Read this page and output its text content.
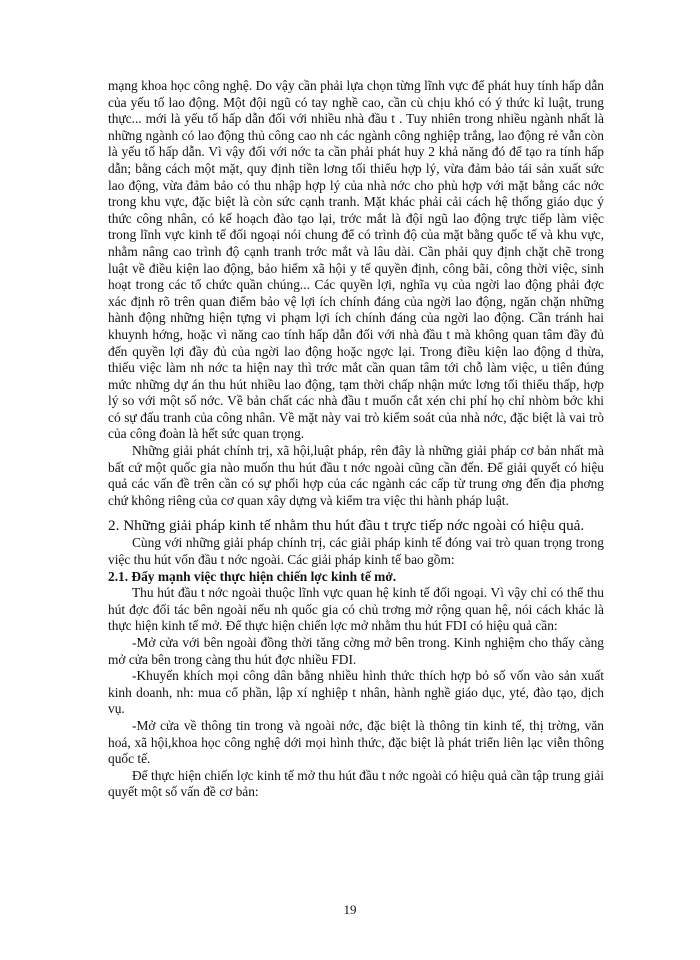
mạng khoa học công nghệ. Do vậy cần phải lựa chọn từng lĩnh vực để phát huy tính hấp dẫn của yếu tố lao động. Một đội ngũ có tay nghề cao, cần cù chịu khó có ý thức kỉ luật, trung thực... mới là yếu tố hấp dẫn đối với nhiều nhà đầu t . Tuy nhiên trong nhiều ngành nhất là những ngành có lao động thủ công cao nh các ngành công nghiệp trắng, lao động rẻ vẫn còn là yếu tố hấp dẫn. Vì vậy đối với nớc ta cần phải phát huy 2 khả năng đó để tạo ra tính hấp dẫn; bằng cách một mặt, quy định tiền lơng tối thiểu hợp lý, vừa đảm bảo tái sản xuất sức lao động, vừa đảm bảo có thu nhập hợp lý của nhà nớc cho phù hợp với mặt bằng các nớc trong khu vực, đặc biệt là còn sức cạnh tranh. Mặt khác phải cải cách hệ thống giáo dục ý thức công nhân, có kế hoạch đào tạo lại, trớc mắt là đội ngũ lao động trực tiếp làm việc trong lĩnh vực kinh tế đối ngoại nói chung để có trình độ của mặt bằng quốc tế và khu vực, nhằm nâng cao trình độ cạnh tranh trớc mắt và lâu dài. Cần phải quy định chặt chẽ trong luật về điều kiện lao động, bảo hiểm xã hội y tế quyền định, công bãi, công thời việc, sinh hoạt trong các tổ chức quần chúng... Các quyền lợi, nghĩa vụ của ngời lao động phải đợc xác định rõ trên quan điểm bảo vệ lợi ích chính đáng của ngời lao động, ngăn chặn những hành động những hiện tựng vi phạm lợi ích chính đáng của ngời lao động. Cần tránh hai khuynh hớng, hoặc vì năng cao tính hấp dẫn đối với nhà đầu t mà không quan tâm đầy đủ đến quyền lợi đầy đủ của ngời lao động hoặc ngợc lại. Trong điều kiện lao động d thừa, thiếu việc làm nh nớc ta hiện nay thì trớc mắt cần quan tâm tới chỗ làm việc, u tiên đúng mức những dự án thu hút nhiều lao động, tạm thời chấp nhận mức lơng tối thiểu thấp, hợp lý so với một số nớc. Về bản chất các nhà đầu t muốn cắt xén chi phí họ chỉ nhòm bớc khi có sự đấu tranh của công nhân. Về mặt này vai trò kiểm soát của nhà nớc, đặc biệt là vai trò của công đoàn là hết sức quan trọng.

Những giải phát chính trị, xã hội,luật pháp, rên đây là những giải pháp cơ bản nhất mà bất cứ một quốc gia nào muốn thu hút đầu t nớc ngoài cũng cần đến. Để giải quyết có hiệu quả các vấn đề trên cần có sự phối hợp của các ngành các cấp từ trung ơng đến địa phơng chứ không riêng của cơ quan xây dựng và kiểm tra việc thi hành pháp luật.

2. Những giải pháp kinh tế nhằm thu hút đầu t trực tiếp nớc ngoài có hiệu quả.

Cùng với những giải pháp chính trị, các giải pháp kinh tế đóng vai trò quan trọng trong việc thu hút vốn đầu t nớc ngoài. Các giải pháp kinh tế bao gồm:

2.1. Đẩy mạnh việc thực hiện chiến lợc kinh tế mở.

Thu hút đầu t nớc ngoài thuộc lĩnh vực quan hệ kinh tế đối ngoại. Vì vậy chỉ có thể thu hút đợc đối tác bên ngoài nếu nh quốc gia có chủ trơng mở rộng quan hệ, nói cách khác là thực hiện kinh tế mở. Để thực hiện chiến lợc mở nhằm thu hút FDI có hiệu quả cần:

-Mở cửa với bên ngoài đồng thời tăng cờng mở bên trong. Kinh nghiệm cho thấy càng mở cửa bên trong càng thu hút đợc nhiều FDI.

-Khuyến khích mọi công dân bằng nhiều hình thức thích hợp bỏ số vốn vào sản xuất kinh doanh, nh: mua cổ phần, lập xí nghiệp t nhân, hành nghề giáo dục, yté, đào tạo, dịch vụ.

-Mở cửa về thông tin trong và ngoài nớc, đặc biệt là thông tin kinh tế, thị trờng, văn hoá, xã hội,khoa học công nghệ dới mọi hình thức, đặc biệt là phát triển liên lạc viễn thông quốc tế.

Để thực hiện chiến lợc kinh tế mở thu hút đầu t nớc ngoài có hiệu quả cần tập trung giải quyết một số vấn đề cơ bản:

19
